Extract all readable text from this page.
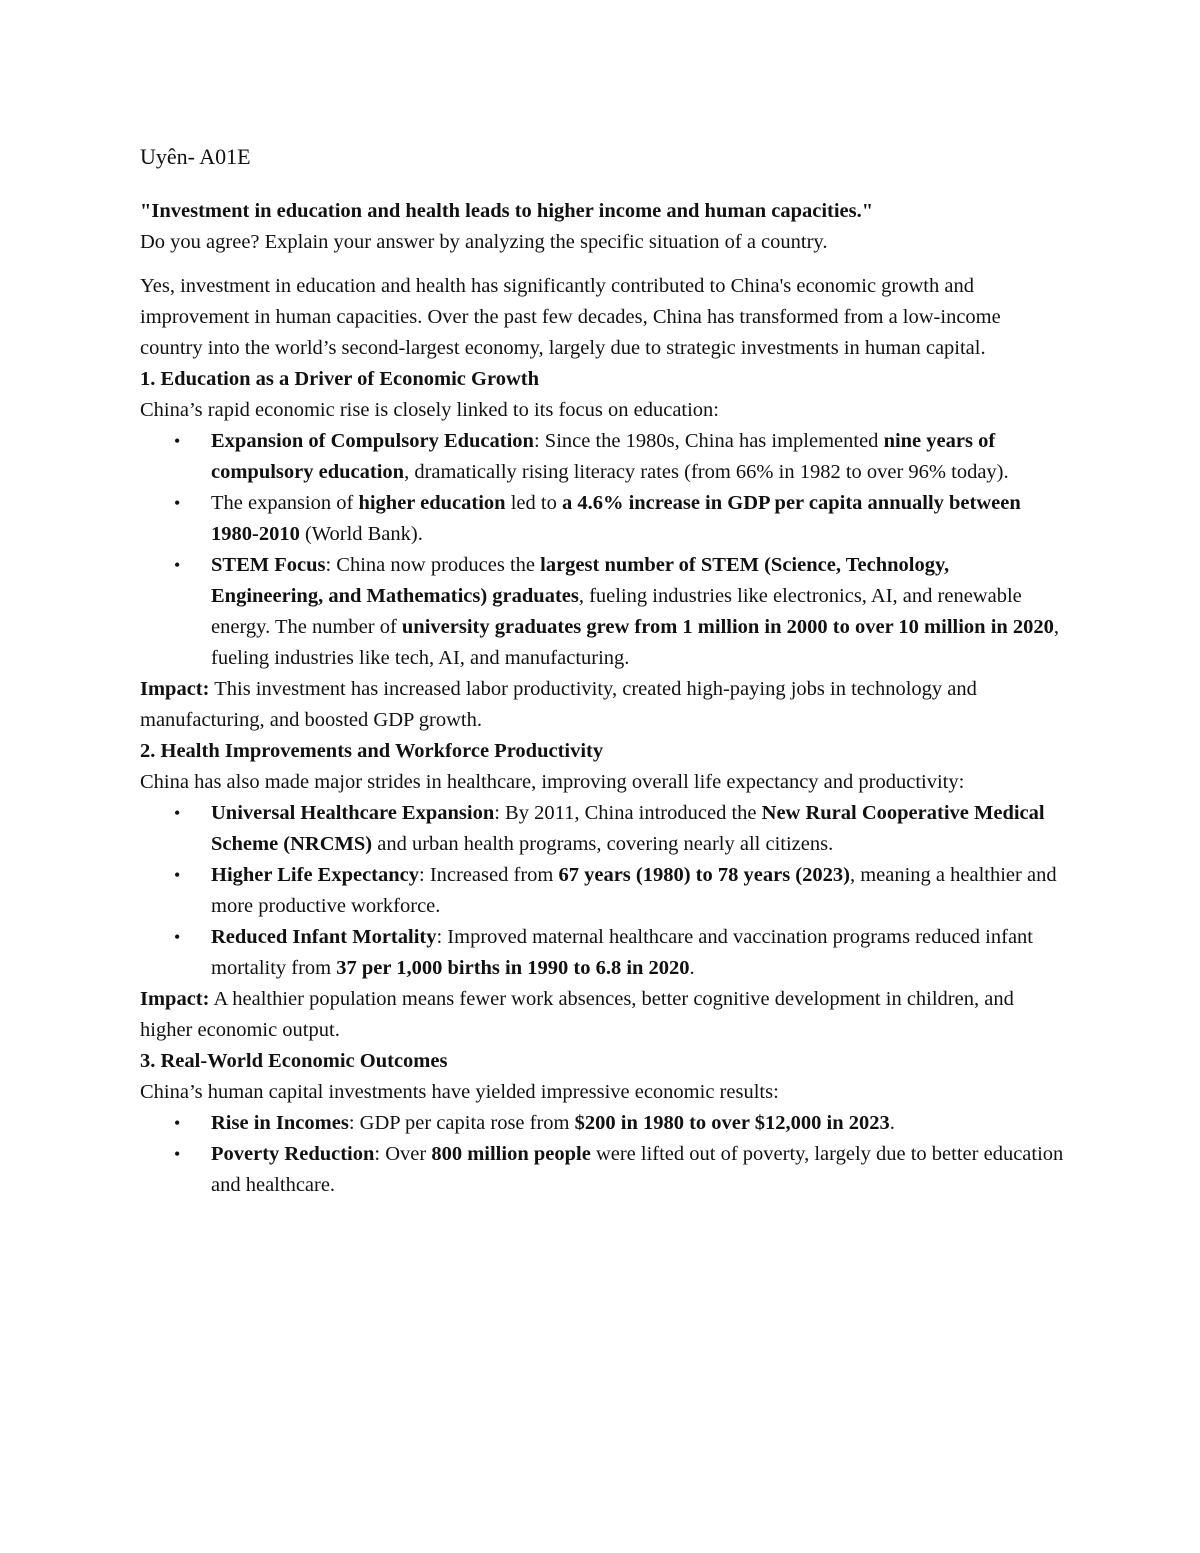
Uyên- A01E

"Investment in education and health leads to higher income and human capacities."

Do you agree? Explain your answer by analyzing the specific situation of a country.

Yes, investment in education and health has significantly contributed to China's economic growth and improvement in human capacities. Over the past few decades, China has transformed from a low-income country into the world’s second-largest economy, largely due to strategic investments in human capital.

1. Education as a Driver of Economic Growth

China’s rapid economic rise is closely linked to its focus on education:

• Expansion of Compulsory Education: Since the 1980s, China has implemented nine years of compulsory education, dramatically rising literacy rates (from 66% in 1982 to over 96% today).
• The expansion of higher education led to a 4.6% increase in GDP per capita annually between 1980-2010 (World Bank).
• STEM Focus: China now produces the largest number of STEM (Science, Technology, Engineering, and Mathematics) graduates, fueling industries like electronics, AI, and renewable energy. The number of university graduates grew from 1 million in 2000 to over 10 million in 2020, fueling industries like tech, AI, and manufacturing.

Impact: This investment has increased labor productivity, created high-paying jobs in technology and manufacturing, and boosted GDP growth.

2. Health Improvements and Workforce Productivity

China has also made major strides in healthcare, improving overall life expectancy and productivity:

• Universal Healthcare Expansion: By 2011, China introduced the New Rural Cooperative Medical Scheme (NRCMS) and urban health programs, covering nearly all citizens.
• Higher Life Expectancy: Increased from 67 years (1980) to 78 years (2023), meaning a healthier and more productive workforce.
• Reduced Infant Mortality: Improved maternal healthcare and vaccination programs reduced infant mortality from 37 per 1,000 births in 1990 to 6.8 in 2020.

Impact: A healthier population means fewer work absences, better cognitive development in children, and higher economic output.

3. Real-World Economic Outcomes

China’s human capital investments have yielded impressive economic results:

• Rise in Incomes: GDP per capita rose from $200 in 1980 to over $12,000 in 2023.
• Poverty Reduction: Over 800 million people were lifted out of poverty, largely due to better education and healthcare.
